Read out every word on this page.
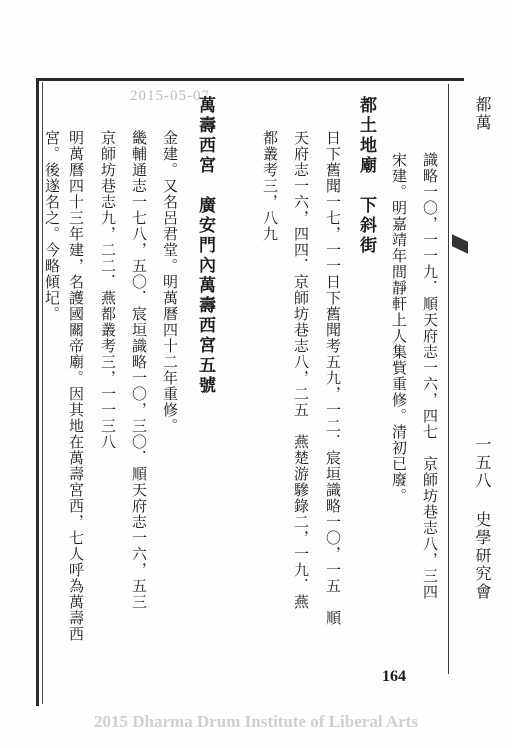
2015-05-07	都萬
一五八 史學研究會
識略一〇，一一九．順天府志一六，四七　京師坊巷志八，三四
宋建。明嘉靖年間靜軒上人集貲重修。清初已廢。
都土地廟　下斜街
日下舊聞一七，一一日下舊聞考五九，一二．宸垣識略一〇，一五　順
天府志一六，四四．京師坊巷志八，二五　燕楚游驂錄二，一九．燕
都叢考三，八九
萬壽西宮　廣安門內萬壽西宮五號
金建。又名呂君堂。明萬曆四十二年重修。
畿輔通志一七八，五〇．宸垣識略一〇，三〇．順天府志一六，五三
京師坊巷志九，二二．燕都叢考三，一一三八
明萬曆四十三年建，名護國關帝廟。因其地在萬壽宮西，七人呼為萬壽西
宮。後遂名之。今略傾圮。
164
2015 Dharma Drum Institute of Liberal Arts
